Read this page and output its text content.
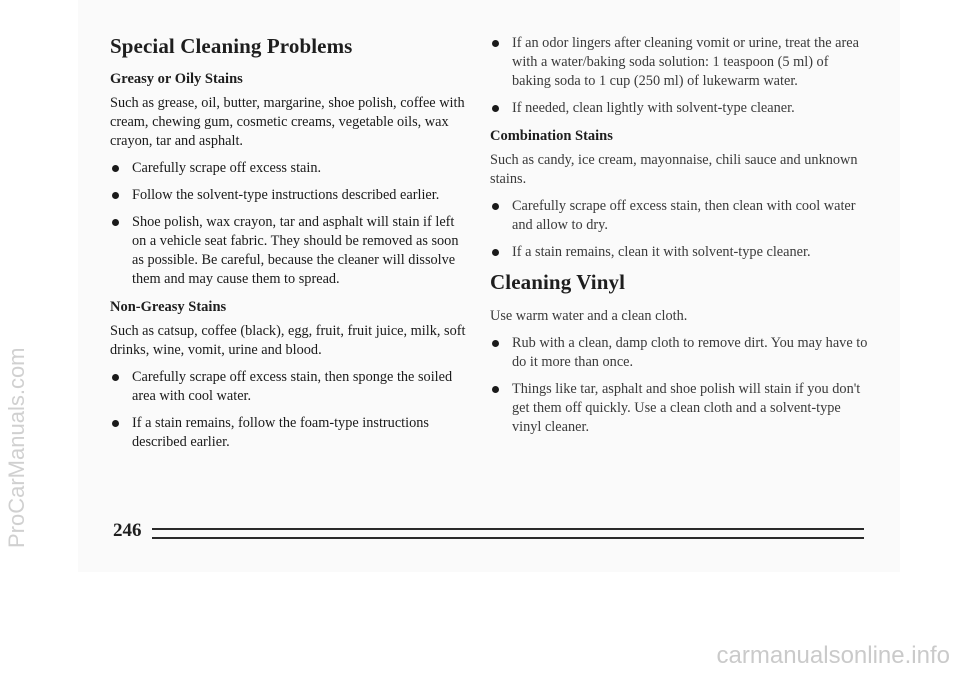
Special Cleaning Problems
Greasy or Oily Stains

Such as grease, oil, butter, margarine, shoe polish, coffee with cream, chewing gum, cosmetic creams, vegetable oils, wax crayon, tar and asphalt.

Carefully scrape off excess stain.
Follow the solvent-type instructions described earlier.
Shoe polish, wax crayon, tar and asphalt will stain if left on a vehicle seat fabric. They should be removed as soon as possible. Be careful, because the cleaner will dissolve them and may cause them to spread.
Non-Greasy Stains

Such as catsup, coffee (black), egg, fruit, fruit juice, milk, soft drinks, wine, vomit, urine and blood.

Carefully scrape off excess stain, then sponge the soiled area with cool water.
If a stain remains, follow the foam-type instructions described earlier.
If an odor lingers after cleaning vomit or urine, treat the area with a water/baking soda solution: 1 teaspoon (5 ml) of baking soda to 1 cup (250 ml) of lukewarm water.
If needed, clean lightly with solvent-type cleaner.
Combination Stains

Such as candy, ice cream, mayonnaise, chili sauce and unknown stains.

Carefully scrape off excess stain, then clean with cool water and allow to dry.
If a stain remains, clean it with solvent-type cleaner.
Cleaning Vinyl

Use warm water and a clean cloth.

Rub with a clean, damp cloth to remove dirt. You may have to do it more than once.
Things like tar, asphalt and shoe polish will stain if you don't get them off quickly. Use a clean cloth and a solvent-type vinyl cleaner.
246
ProCarManuals.com
carmanualsonline.info
